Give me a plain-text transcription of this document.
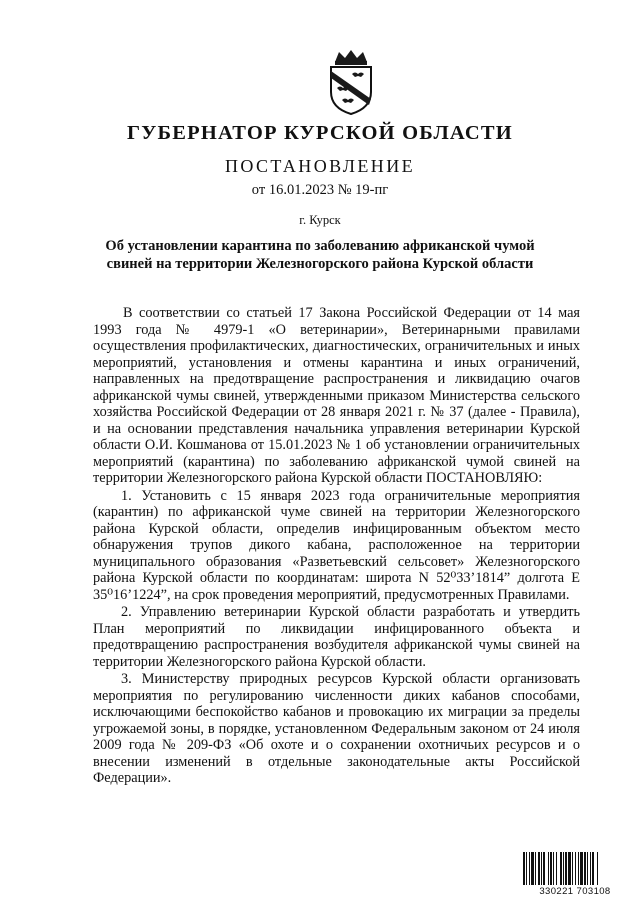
ГУБЕРНАТОР КУРСКОЙ ОБЛАСТИ
ПОСТАНОВЛЕНИЕ
от 16.01.2023 № 19-пг
г. Курск
Об установлении карантина по заболеванию африканской чумой
свиней на территории Железногорского района Курской области

В соответствии со статьей 17 Закона Российской Федерации от 14 мая 1993 года № 4979-1 «О ветеринарии», Ветеринарными правилами осуществления профилактических, диагностических, ограничительных и иных мероприятий, установления и отмены карантина и иных ограничений, направленных на предотвращение распространения и ликвидацию очагов африканской чумы свиней, утвержденными приказом Министерства сельского хозяйства Российской Федерации от 28 января 2021 г. № 37 (далее - Правила), и на основании представления начальника управления ветеринарии Курской области О.И. Кошманова от 15.01.2023 № 1 об установлении ограничительных мероприятий (карантина) по заболеванию африканской чумой свиней на территории Железногорского района Курской области ПОСТАНОВЛЯЮ:

1. Установить с 15 января 2023 года ограничительные мероприятия (карантин) по африканской чуме свиней на территории Железногорского района Курской области, определив инфицированным объектом место обнаружения трупов дикого кабана, расположенное на территории муниципального образования «Разветьевский сельсовет» Железногорского района Курской области по координатам: широта N 52⁰33’1814” долгота E 35⁰16’1224”, на срок проведения мероприятий, предусмотренных Правилами.

2. Управлению ветеринарии Курской области разработать и утвердить План мероприятий по ликвидации инфицированного объекта и предотвращению распространения возбудителя африканской чумы свиней на территории Железногорского района Курской области.

3. Министерству природных ресурсов Курской области организовать мероприятия по регулированию численности диких кабанов способами, исключающими беспокойство кабанов и провокацию их миграции за пределы угрожаемой зоны, в порядке, установленном Федеральным законом от 24 июля 2009 года № 209-ФЗ «Об охоте и о сохранении охотничьих ресурсов и о внесении изменений в отдельные законодательные акты Российской Федерации».

330221 703108
